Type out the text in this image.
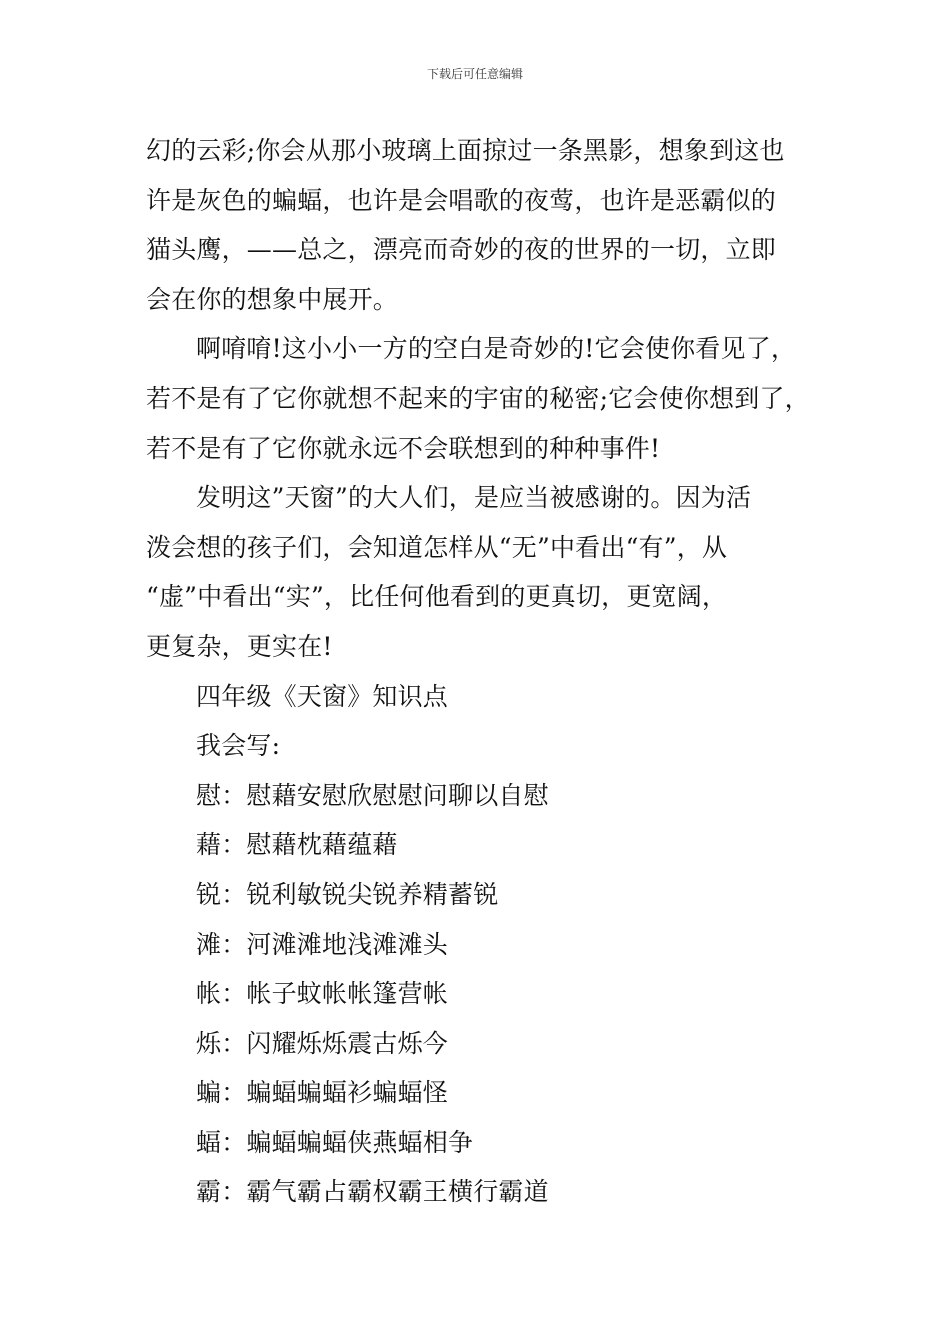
下载后可任意编辑
幻的云彩;你会从那小玻璃上面掠过一条黑影，想象到这也
许是灰色的蝙蝠，也许是会唱歌的夜莺，也许是恶霸似的
猫头鹰，——总之，漂亮而奇妙的夜的世界的一切，立即
会在你的想象中展开。
啊唷唷!这小小一方的空白是奇妙的!它会使你看见了，
若不是有了它你就想不起来的宇宙的秘密;它会使你想到了，
若不是有了它你就永远不会联想到的种种事件!
发明这”天窗”的大人们，是应当被感谢的。因为活
泼会想的孩子们，会知道怎样从“无”中看出“有”，从
“虚”中看出“实”，比任何他看到的更真切，更宽阔，
更复杂，更实在!
四年级《天窗》知识点
我会写:
慰：慰藉安慰欣慰慰问聊以自慰
藉：慰藉枕藉蕴藉
锐：锐利敏锐尖锐养精蓄锐
滩：河滩滩地浅滩滩头
帐：帐子蚊帐帐篷营帐
烁：闪耀烁烁震古烁今
蝙：蝙蝠蝙蝠衫蝙蝠怪
蝠：蝙蝠蝙蝠侠燕蝠相争
霸：霸气霸占霸权霸王横行霸道
